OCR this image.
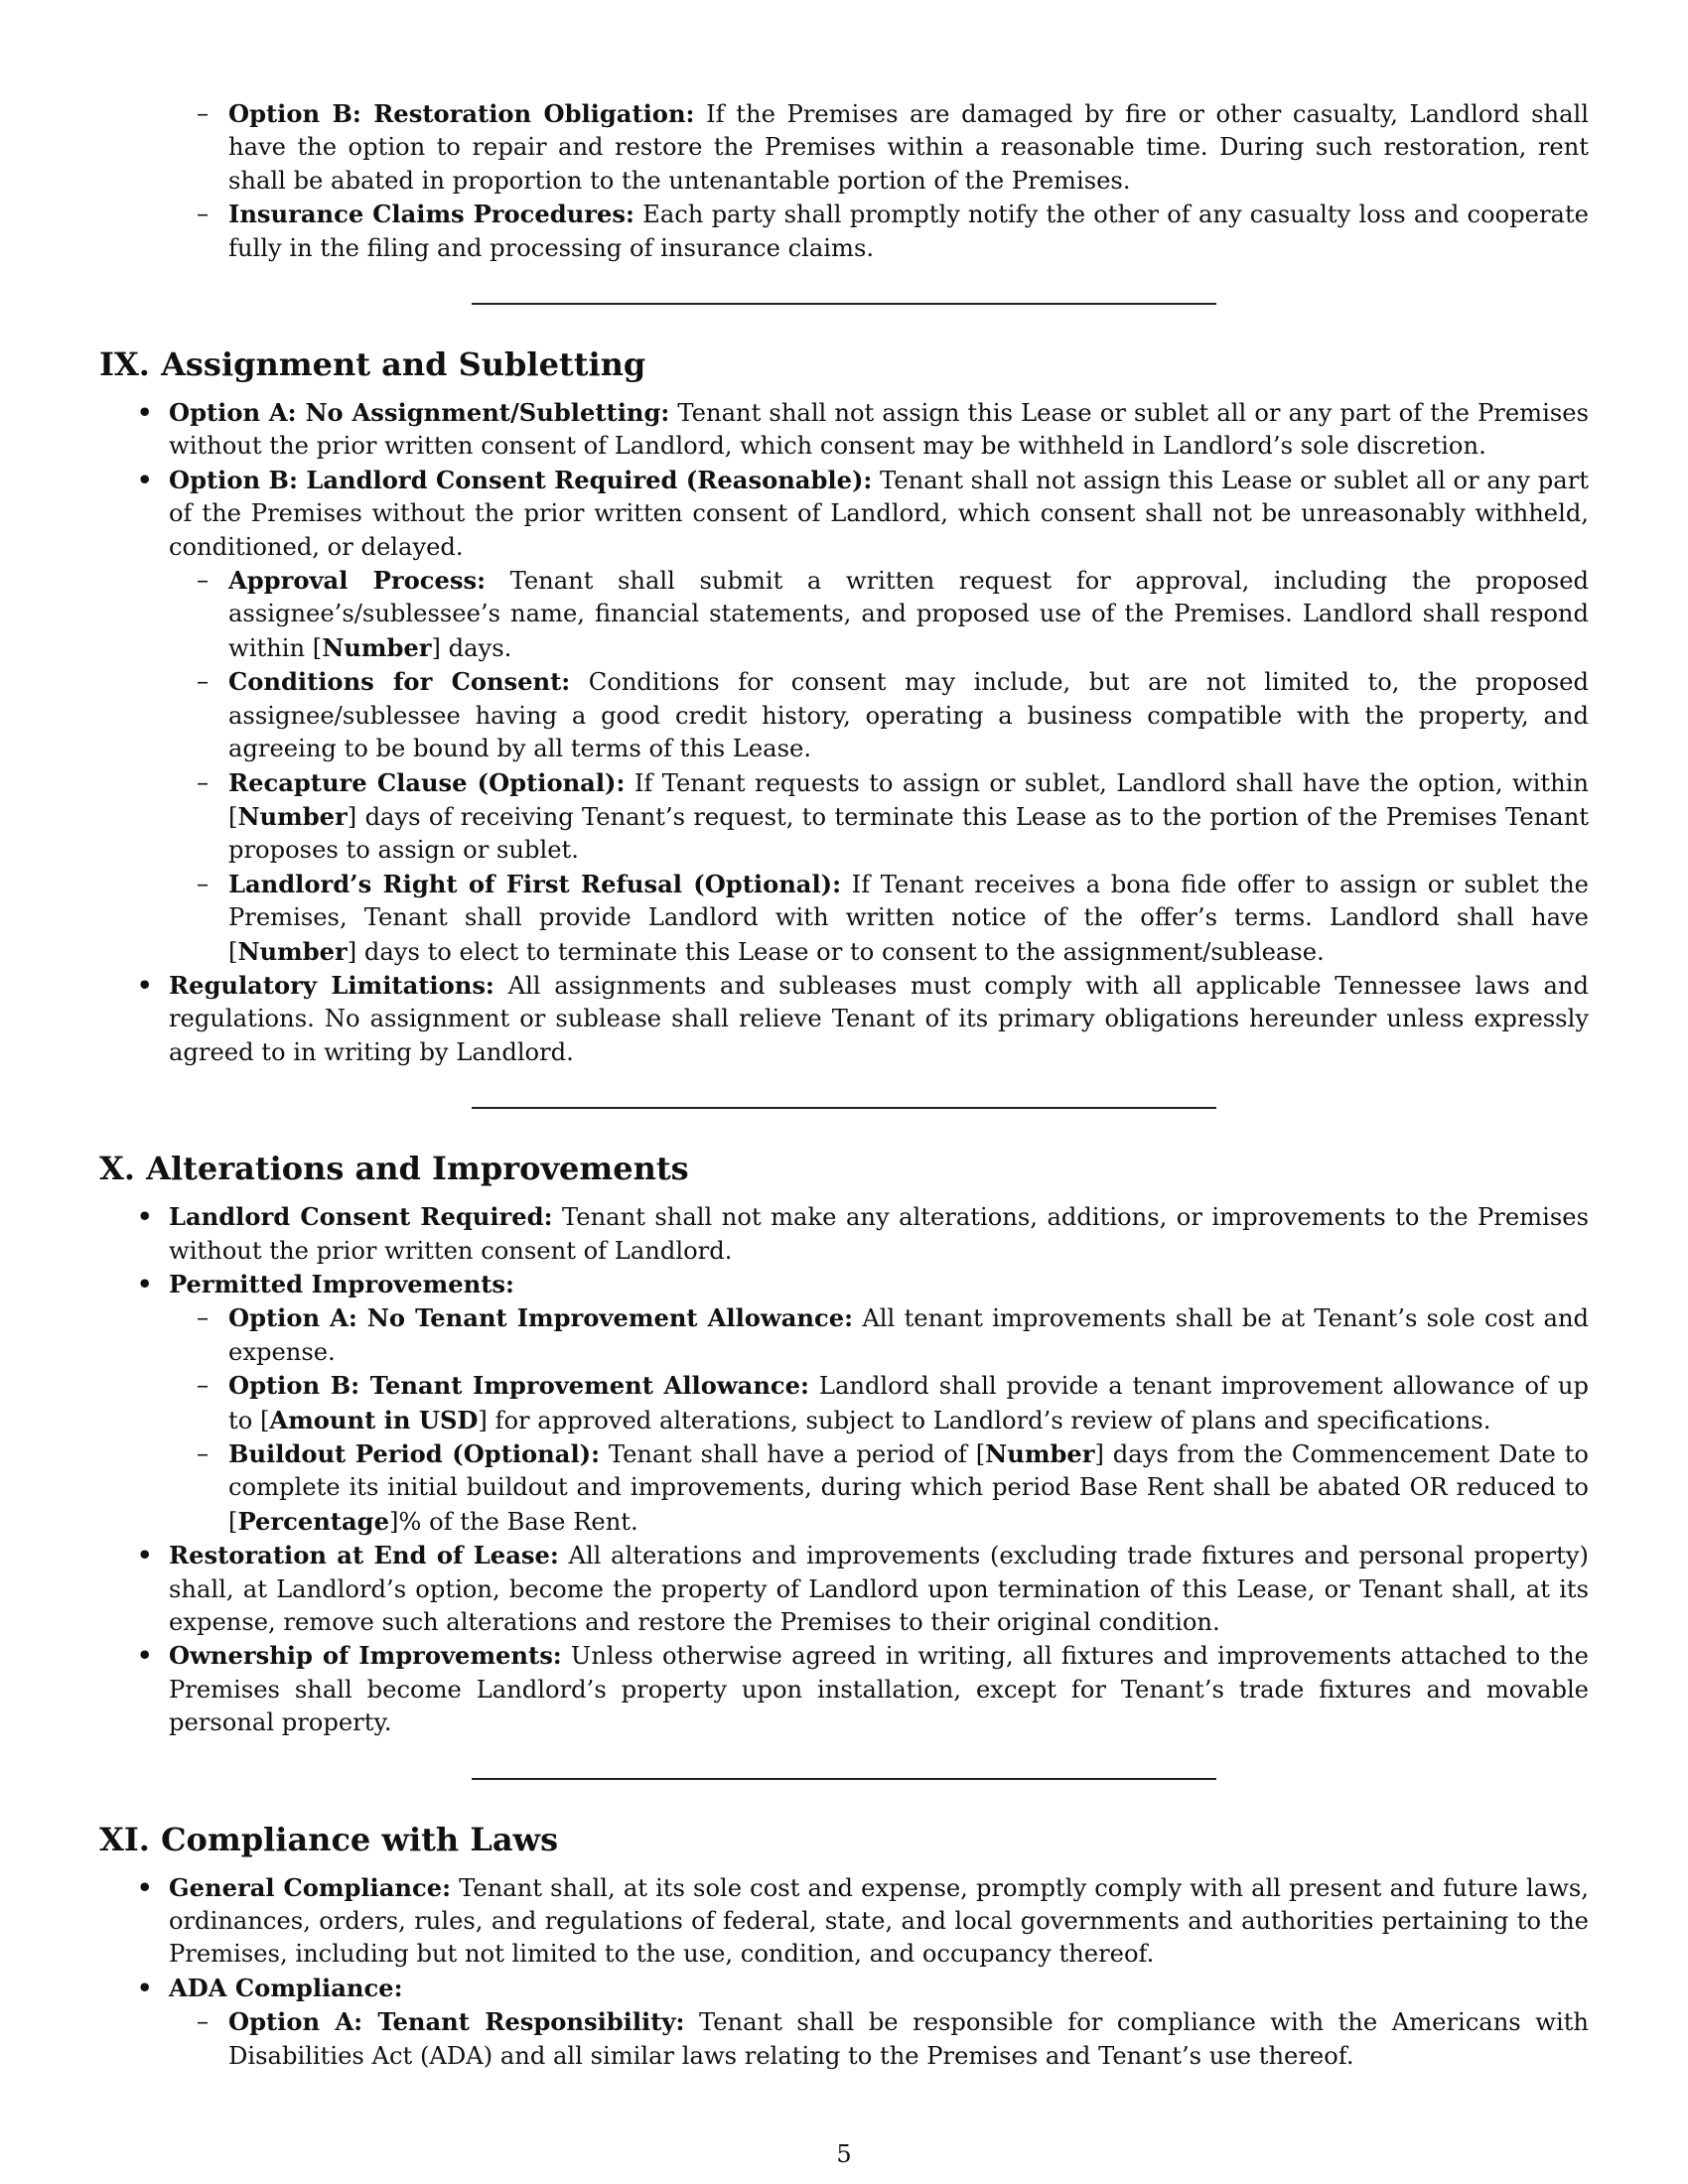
– Option B: Restoration Obligation: If the Premises are damaged by fire or other casualty, Landlord shall have the option to repair and restore the Premises within a reasonable time. During such restoration, rent shall be abated in proportion to the untenantable portion of the Premises.
– Insurance Claims Procedures: Each party shall promptly notify the other of any casualty loss and cooperate fully in the filing and processing of insurance claims.
IX. Assignment and Subletting
• Option A: No Assignment/Subletting: Tenant shall not assign this Lease or sublet all or any part of the Premises without the prior written consent of Landlord, which consent may be withheld in Landlord’s sole discretion.
• Option B: Landlord Consent Required (Reasonable): Tenant shall not assign this Lease or sublet all or any part of the Premises without the prior written consent of Landlord, which consent shall not be unreasonably withheld, conditioned, or delayed.
– Approval Process: Tenant shall submit a written request for approval, including the proposed assignee’s/sublessee’s name, financial statements, and proposed use of the Premises. Landlord shall respond within [Number] days.
– Conditions for Consent: Conditions for consent may include, but are not limited to, the proposed assignee/sublessee having a good credit history, operating a business compatible with the property, and agreeing to be bound by all terms of this Lease.
– Recapture Clause (Optional): If Tenant requests to assign or sublet, Landlord shall have the option, within [Number] days of receiving Tenant’s request, to terminate this Lease as to the portion of the Premises Tenant proposes to assign or sublet.
– Landlord’s Right of First Refusal (Optional): If Tenant receives a bona fide offer to assign or sublet the Premises, Tenant shall provide Landlord with written notice of the offer’s terms. Landlord shall have [Number] days to elect to terminate this Lease or to consent to the assignment/sublease.
• Regulatory Limitations: All assignments and subleases must comply with all applicable Tennessee laws and regulations. No assignment or sublease shall relieve Tenant of its primary obligations hereunder unless expressly agreed to in writing by Landlord.
X. Alterations and Improvements
• Landlord Consent Required: Tenant shall not make any alterations, additions, or improvements to the Premises without the prior written consent of Landlord.
• Permitted Improvements:
– Option A: No Tenant Improvement Allowance: All tenant improvements shall be at Tenant’s sole cost and expense.
– Option B: Tenant Improvement Allowance: Landlord shall provide a tenant improvement allowance of up to [Amount in USD] for approved alterations, subject to Landlord’s review of plans and specifications.
– Buildout Period (Optional): Tenant shall have a period of [Number] days from the Commencement Date to complete its initial buildout and improvements, during which period Base Rent shall be abated OR reduced to [Percentage]% of the Base Rent.
• Restoration at End of Lease: All alterations and improvements (excluding trade fixtures and personal property) shall, at Landlord’s option, become the property of Landlord upon termination of this Lease, or Tenant shall, at its expense, remove such alterations and restore the Premises to their original condition.
• Ownership of Improvements: Unless otherwise agreed in writing, all fixtures and improvements attached to the Premises shall become Landlord’s property upon installation, except for Tenant’s trade fixtures and movable personal property.
XI. Compliance with Laws
• General Compliance: Tenant shall, at its sole cost and expense, promptly comply with all present and future laws, ordinances, orders, rules, and regulations of federal, state, and local governments and authorities pertaining to the Premises, including but not limited to the use, condition, and occupancy thereof.
• ADA Compliance:
– Option A: Tenant Responsibility: Tenant shall be responsible for compliance with the Americans with Disabilities Act (ADA) and all similar laws relating to the Premises and Tenant’s use thereof.
5
